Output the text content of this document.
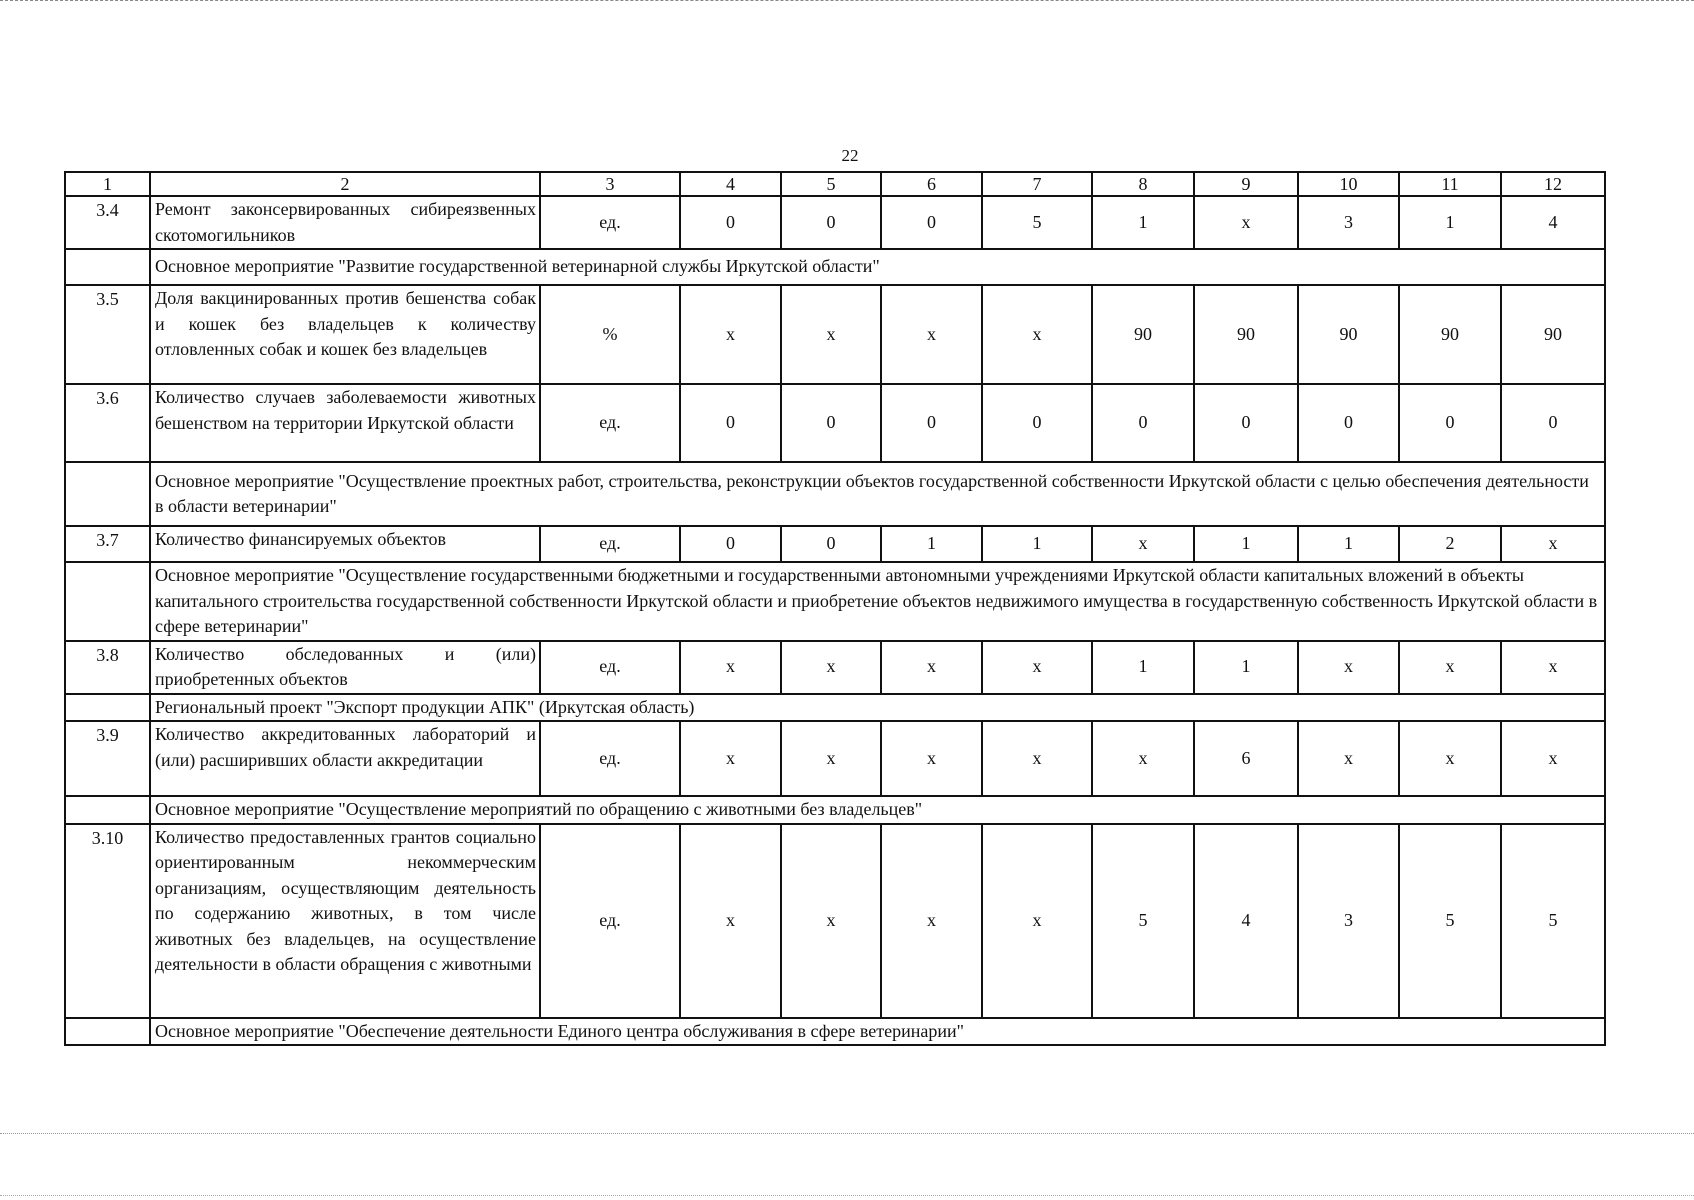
22
1	2	3	4	5	6	7	8	9	10	11	12
3.4	Ремонт законсервированных сибиреязвенных скотомогильников	ед.	0	0	0	5	1	х	3	1	4
	Основное мероприятие "Развитие государственной ветеринарной службы Иркутской области"										
3.5	Доля вакцинированных против бешенства собак и кошек без владельцев к количеству отловленных собак и кошек без владельцев	%	х	х	х	х	90	90	90	90	90
3.6	Количество случаев заболеваемости животных бешенством на территории Иркутской области	ед.	0	0	0	0	0	0	0	0	0
	Основное мероприятие "Осуществление проектных работ, строительства, реконструкции объектов государственной собственности Иркутской области с целью обеспечения деятельности в области ветеринарии"										
3.7	Количество финансируемых объектов	ед.	0	0	1	1	х	1	1	2	х
	Основное мероприятие "Осуществление государственными бюджетными и государственными автономными учреждениями Иркутской области капитальных вложений в объекты капитального строительства государственной собственности Иркутской области и приобретение объектов недвижимого имущества в государственную собственность Иркутской области в сфере ветеринарии"										
3.8	Количество обследованных и (или) приобретенных объектов	ед.	х	х	х	х	1	1	х	х	х
	Региональный проект "Экспорт продукции АПК" (Иркутская область)										
3.9	Количество аккредитованных лабораторий и (или) расширивших области аккредитации	ед.	х	х	х	х	х	6	х	х	х
	Основное мероприятие "Осуществление мероприятий по обращению с животными без владельцев"										
3.10	Количество предоставленных грантов социально ориентированным некоммерческим организациям, осуществляющим деятельность по содержанию животных, в том числе животных без владельцев, на осуществление деятельности в области обращения с животными	ед.	х	х	х	х	5	4	3	5	5
	Основное мероприятие "Обеспечение деятельности Единого центра обслуживания в сфере ветеринарии"										
